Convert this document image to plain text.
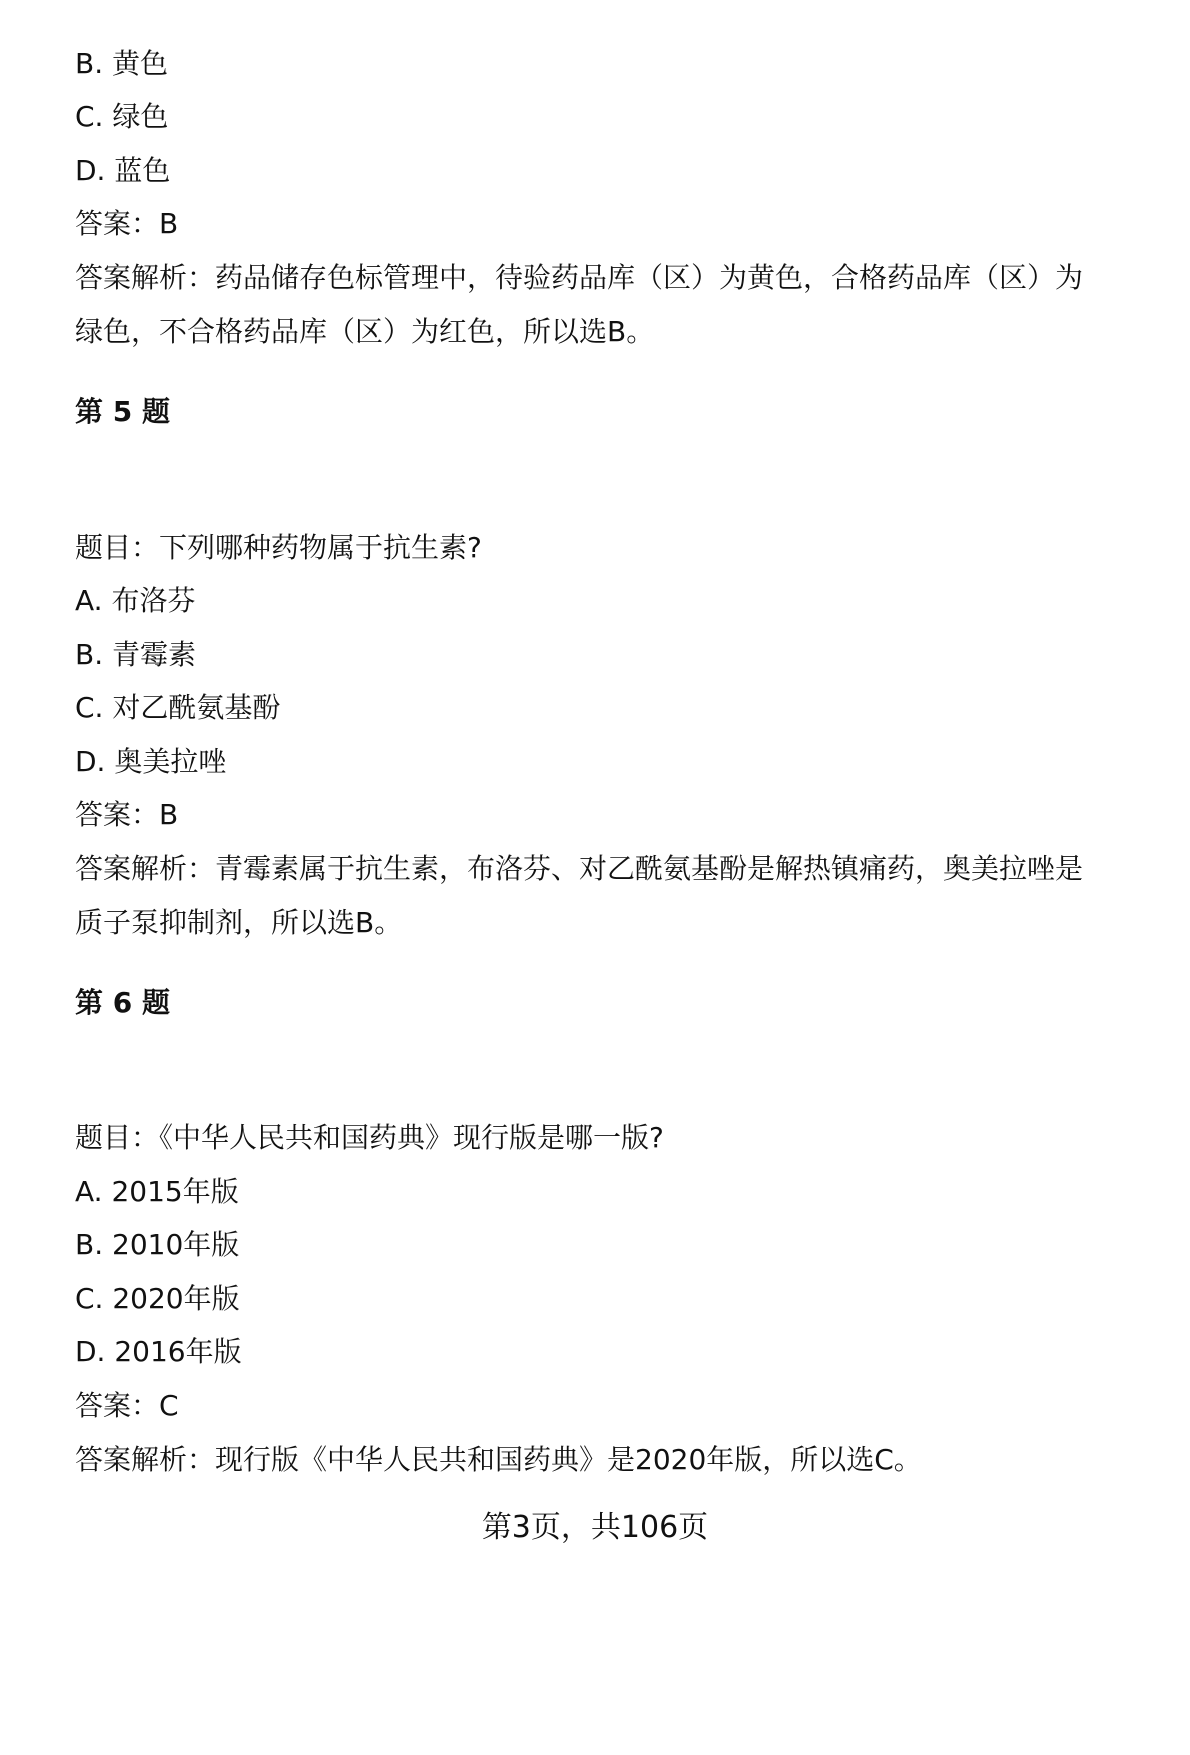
B. 黄色
C. 绿色
D. 蓝色
答案：B
答案解析：药品储存色标管理中，待验药品库（区）为黄色，合格药品库（区）为
绿色，不合格药品库（区）为红色，所以选B。
第 5 题
题目：下列哪种药物属于抗生素?
A. 布洛芬
B. 青霉素
C. 对乙酰氨基酚
D. 奥美拉唑
答案：B
答案解析：青霉素属于抗生素，布洛芬、对乙酰氨基酚是解热镇痛药，奥美拉唑是
质子泵抑制剂，所以选B。
第 6 题
题目：《中华人民共和国药典》现行版是哪一版?
A. 2015年版
B. 2010年版
C. 2020年版
D. 2016年版
答案：C
答案解析：现行版《中华人民共和国药典》是2020年版，所以选C。
第3页，共106页
